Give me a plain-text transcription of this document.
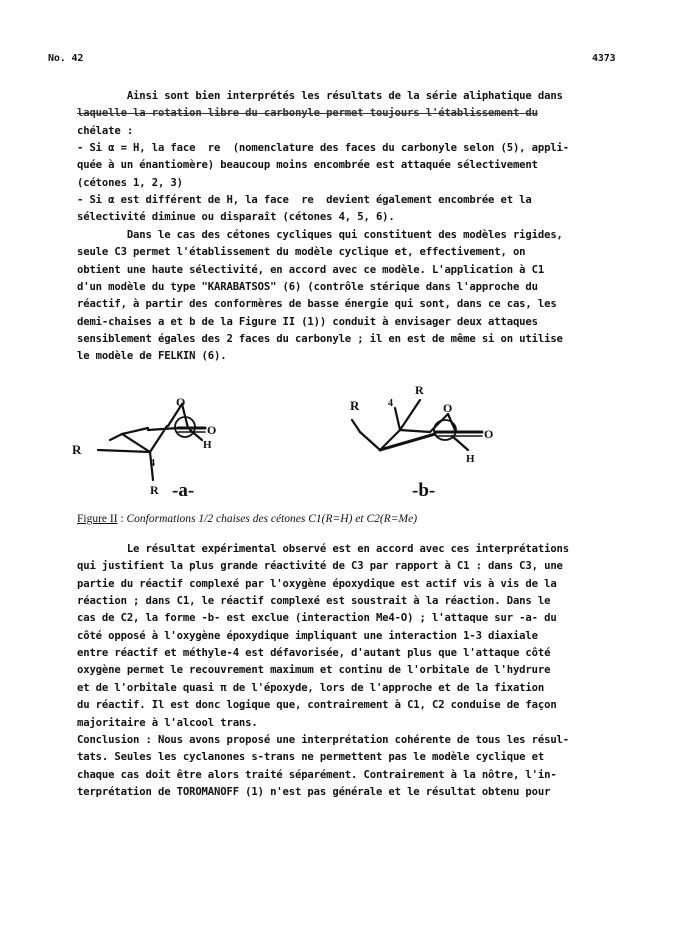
No. 42	4373
Ainsi sont bien interprétés les résultats de la série aliphatique dans
laquelle la rotation libre du carbonyle permet toujours l'établissement du
chélate :
- Si α = H, la face  re  (nomenclature des faces du carbonyle selon (5), appli-
quée à un énantiomère) beaucoup moins encombrée est attaquée sélectivement
(cétones 1, 2, 3)
- Si α est différent de H, la face  re  devient également encombrée et la
sélectivité diminue ou disparaît (cétones 4, 5, 6).
Dans le cas des cétones cycliques qui constituent des modèles rigides,
seule C3 permet l'établissement du modèle cyclique et, effectivement, on
obtient une haute sélectivité, en accord avec ce modèle. L'application à C1
d'un modèle du type "KARABATSOS" (6) (contrôle stérique dans l'approche du
réactif, à partir des conformères de basse énergie qui sont, dans ce cas, les
demi-chaises a et b de la Figure II (1)) conduit à envisager deux attaques
sensiblement égales des 2 faces du carbonyle ; il en est de même si on utilise
le modèle de FELKIN (6).
R
4
R
O
O
H
R
R
4	O
O
H
-a-	-b-
Figure II : Conformations 1/2 chaises des cétones C1(R=H) et C2(R=Me)
Le résultat expérimental observé est en accord avec ces interprétations
qui justifient la plus grande réactivité de C3 par rapport à C1 : dans C3, une
partie du réactif complexé par l'oxygène époxydique est actif vis à vis de la
réaction ; dans C1, le réactif complexé est soustrait à la réaction. Dans le
cas de C2, la forme -b- est exclue (interaction Me4-O) ; l'attaque sur -a- du
côté opposé à l'oxygène époxydique impliquant une interaction 1-3 diaxiale
entre réactif et méthyle-4 est défavorisée, d'autant plus que l'attaque côté
oxygène permet le recouvrement maximum et continu de l'orbitale de l'hydrure
et de l'orbitale quasi π de l'époxyde, lors de l'approche et de la fixation
du réactif. Il est donc logique que, contrairement à C1, C2 conduise de façon
majoritaire à l'alcool trans.
Conclusion : Nous avons proposé une interprétation cohérente de tous les résul-
tats. Seules les cyclanones s-trans ne permettent pas le modèle cyclique et
chaque cas doit être alors traité séparément. Contrairement à la nôtre, l'in-
terprétation de TOROMANOFF (1) n'est pas générale et le résultat obtenu pour
